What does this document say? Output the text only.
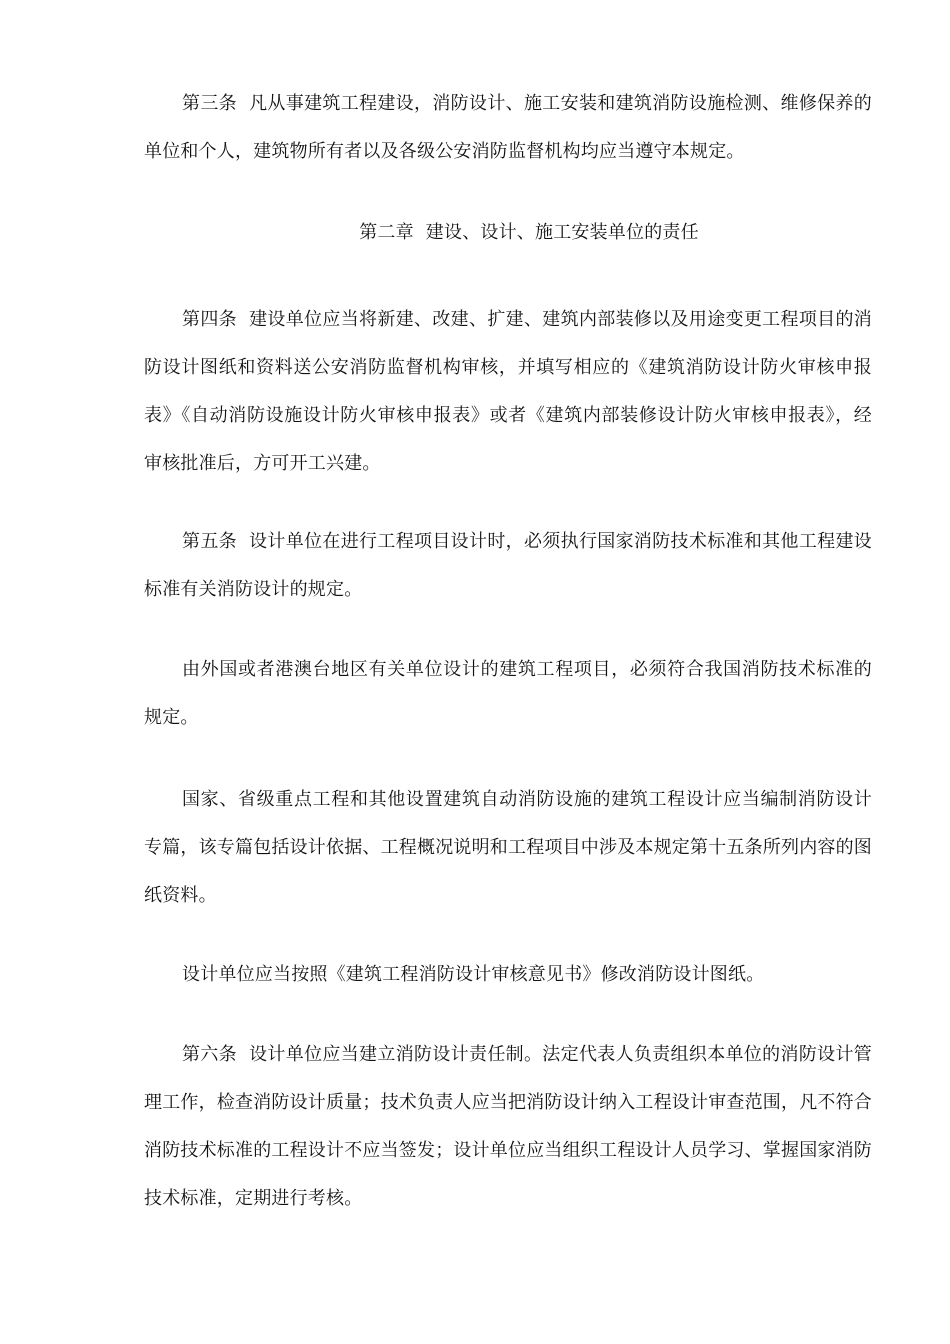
第三条 凡从事建筑工程建设，消防设计、施工安装和建筑消防设施检测、维修保养的单位和个人，建筑物所有者以及各级公安消防监督机构均应当遵守本规定。

第二章 建设、设计、施工安装单位的责任

第四条 建设单位应当将新建、改建、扩建、建筑内部装修以及用途变更工程项目的消防设计图纸和资料送公安消防监督机构审核，并填写相应的《建筑消防设计防火审核申报表》《自动消防设施设计防火审核申报表》或者《建筑内部装修设计防火审核申报表》，经审核批准后，方可开工兴建。

第五条 设计单位在进行工程项目设计时，必须执行国家消防技术标准和其他工程建设标准有关消防设计的规定。

由外国或者港澳台地区有关单位设计的建筑工程项目，必须符合我国消防技术标准的规定。

国家、省级重点工程和其他设置建筑自动消防设施的建筑工程设计应当编制消防设计专篇，该专篇包括设计依据、工程概况说明和工程项目中涉及本规定第十五条所列内容的图纸资料。

设计单位应当按照《建筑工程消防设计审核意见书》修改消防设计图纸。

第六条 设计单位应当建立消防设计责任制。法定代表人负责组织本单位的消防设计管理工作，检查消防设计质量；技术负责人应当把消防设计纳入工程设计审查范围，凡不符合消防技术标准的工程设计不应当签发；设计单位应当组织工程设计人员学习、掌握国家消防技术标准，定期进行考核。
